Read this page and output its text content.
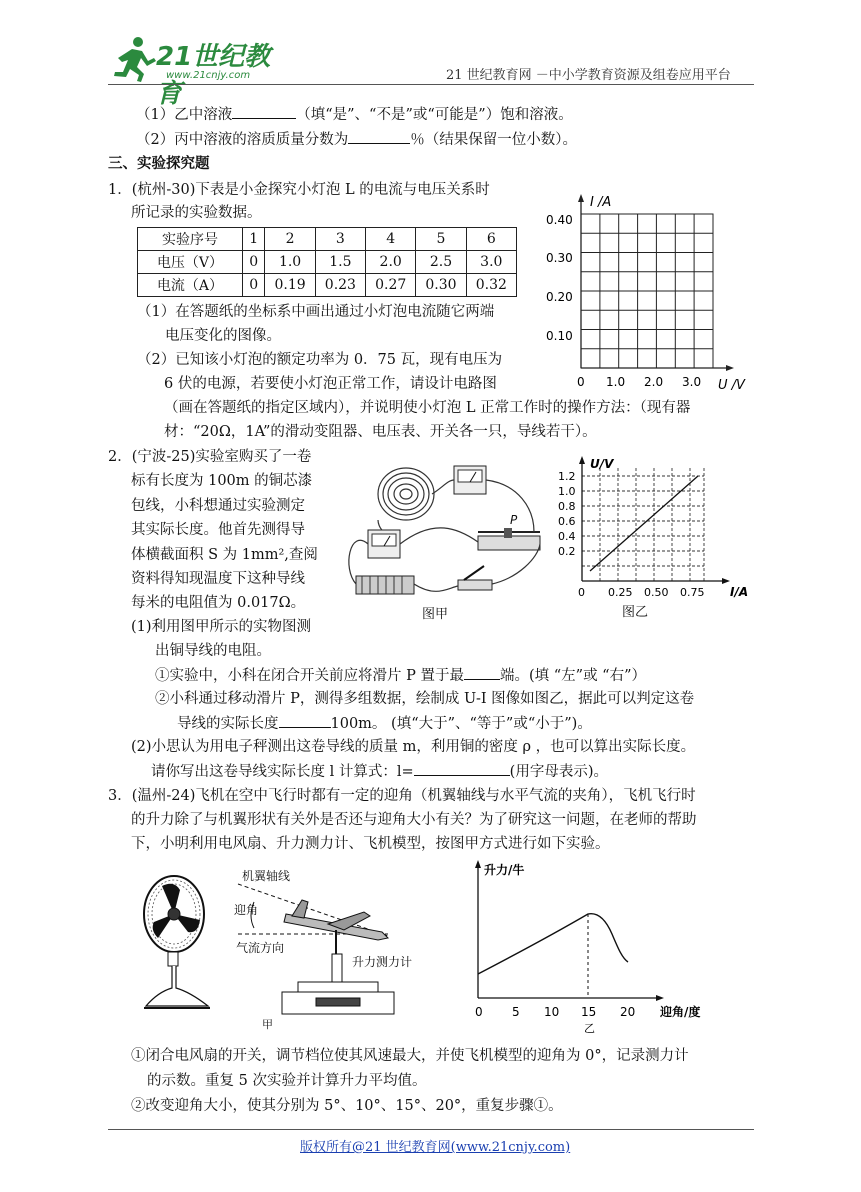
21世纪教育
www.21cnjy.com	21 世纪教育网 －中小学教育资源及组卷应用平台
（1）乙中溶液	（填“是”、“不是”或“可能是”）饱和溶液。
（2）丙中溶液的溶质质量分数为	％（结果保留一位小数）。
三、实验探究题
1．(杭州-30)下表是小金探究小灯泡 L 的电流与电压关系时
所记录的实验数据。
实验序号	1	2	3	4	5	6
电压（V）	0	1.0	1.5	2.0	2.5	3.0
电流（A）	0	0.19	0.23	0.27	0.30	0.32
I /A
U /V
0.40
0.30
0.20
0.10
0 1.0 2.0 3.0
（1）在答题纸的坐标系中画出通过小灯泡电流随它两端
电压变化的图像。
（2）已知该小灯泡的额定功率为 0．75 瓦，现有电压为
6 伏的电源，若要使小灯泡正常工作，请设计电路图
（画在答题纸的指定区域内），并说明使小灯泡 L 正常工作时的操作方法：（现有器
材：“20Ω，1A”的滑动变阻器、电压表、开关各一只，导线若干）。
2．(宁波-25)实验室购买了一卷
标有长度为 100m 的铜芯漆
包线，小科想通过实验测定
其实际长度。他首先测得导
体横截面积 S 为 1mm²,查阅
资料得知现温度下这种导线
每米的电阻值为 0.017Ω。
(1)利用图甲所示的实物图测
出铜导线的电阻。
P
图甲
U/V
I/A
1.2
1.0
0.8
0.6
0.4
0.2
0 0.25 0.50 0.75
图乙
①实验中，小科在闭合开关前应将滑片 P 置于最 端。(填 “左”或 “右”）
②小科通过移动滑片 P，测得多组数据，绘制成 U-I 图像如图乙，据此可以判定这卷
导线的实际长度	100m。 (填“大于”、“等于”或“小于”)。
(2)小思认为用电子秤测出这卷导线的质量 m，利用铜的密度 ρ ，也可以算出实际长度。
请你写出这卷导线实际长度 l 计算式：l=	(用字母表示)。
3．(温州-24)飞机在空中飞行时都有一定的迎角（机翼轴线与水平气流的夹角），飞机飞行时
的升力除了与机翼形状有关外是否还与迎角大小有关？为了研究这一问题，在老师的帮助
下，小明利用电风扇、升力测力计、飞机模型，按图甲方式进行如下实验。
机翼轴线
迎角
气流方向
升力测力计
甲
升力/牛
迎角/度
0 5 10 15 20
乙
①闭合电风扇的开关，调节档位使其风速最大，并使飞机模型的迎角为 0°，记录测力计
的示数。重复 5 次实验并计算升力平均值。
②改变迎角大小，使其分别为 5°、10°、15°、20°，重复步骤①。
版权所有@21 世纪教育网(www.21cnjy.com)
